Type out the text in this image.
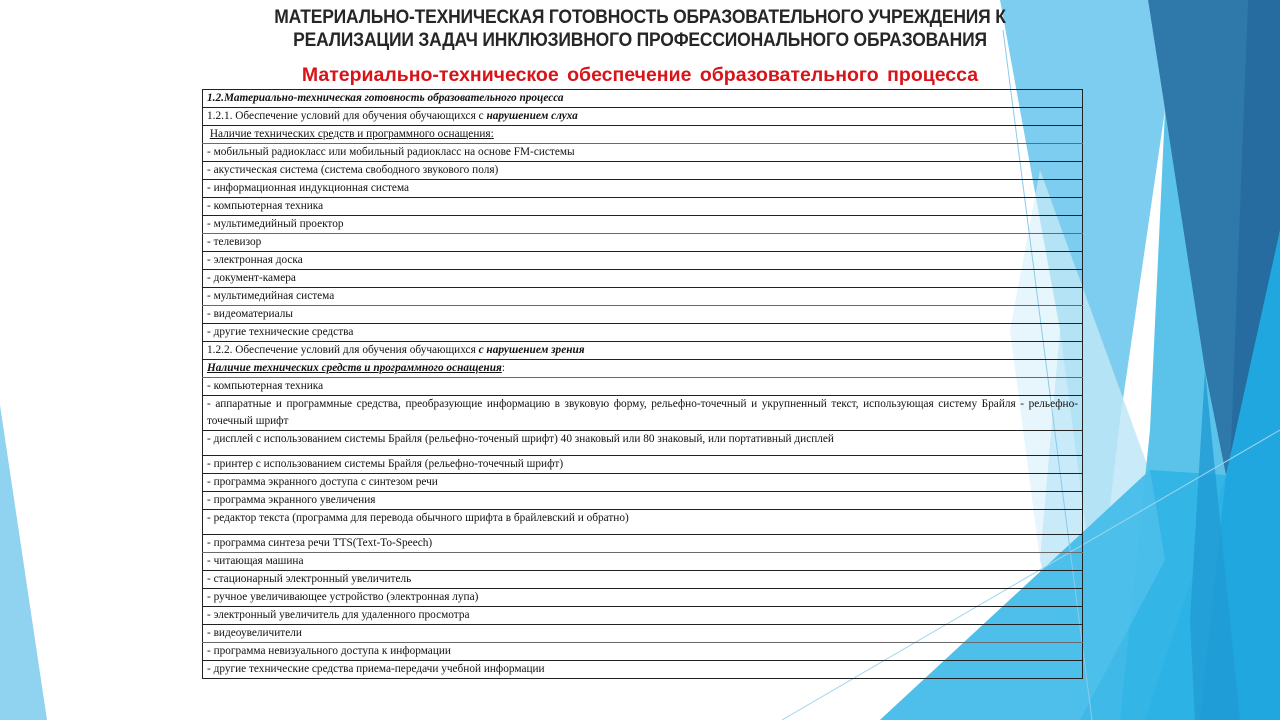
МАТЕРИАЛЬНО-ТЕХНИЧЕСКАЯ ГОТОВНОСТЬ ОБРАЗОВАТЕЛЬНОГО УЧРЕЖДЕНИЯ К
РЕАЛИЗАЦИИ ЗАДАЧ ИНКЛЮЗИВНОГО ПРОФЕССИОНАЛЬНОГО ОБРАЗОВАНИЯ
Материально-техническое обеспечение образовательного процесса
1.2.Материально-техническая готовность образовательного процесса
1.2.1. Обеспечение условий для обучения обучающихся с нарушением слуха
Наличие технических средств и программного оснащения:
- мобильный радиокласс или мобильный радиокласс на основе FM-системы
- акустическая система (система свободного звукового поля)
- информационная индукционная система
- компьютерная техника
- мультимедийный проектор
- телевизор
- электронная доска
- документ-камера
- мультимедийная система
- видеоматериалы
- другие технические средства
1.2.2. Обеспечение условий для обучения обучающихся с нарушением зрения
Наличие технических средств и программного оснащения:
- компьютерная техника
- аппаратные и программные средства, преобразующие информацию в звуковую форму, рельефно-точечный и укрупненный текст, использующая систему Брайля - рельефно-точечный шрифт
- дисплей с использованием системы Брайля (рельефно-точеный шрифт) 40 знаковый или 80 знаковый, или портативный дисплей
- принтер с использованием системы Брайля (рельефно-точечный шрифт)
- программа экранного доступа с синтезом речи
- программа экранного увеличения
- редактор текста (программа для перевода обычного шрифта в брайлевский и обратно)
- программа синтеза речи TTS(Text-To-Speech)
- читающая машина
- стационарный электронный увеличитель
- ручное увеличивающее устройство (электронная лупа)
- электронный увеличитель для удаленного просмотра
- видеоувеличители
- программа невизуального доступа к информации
- другие технические средства приема-передачи учебной информации
